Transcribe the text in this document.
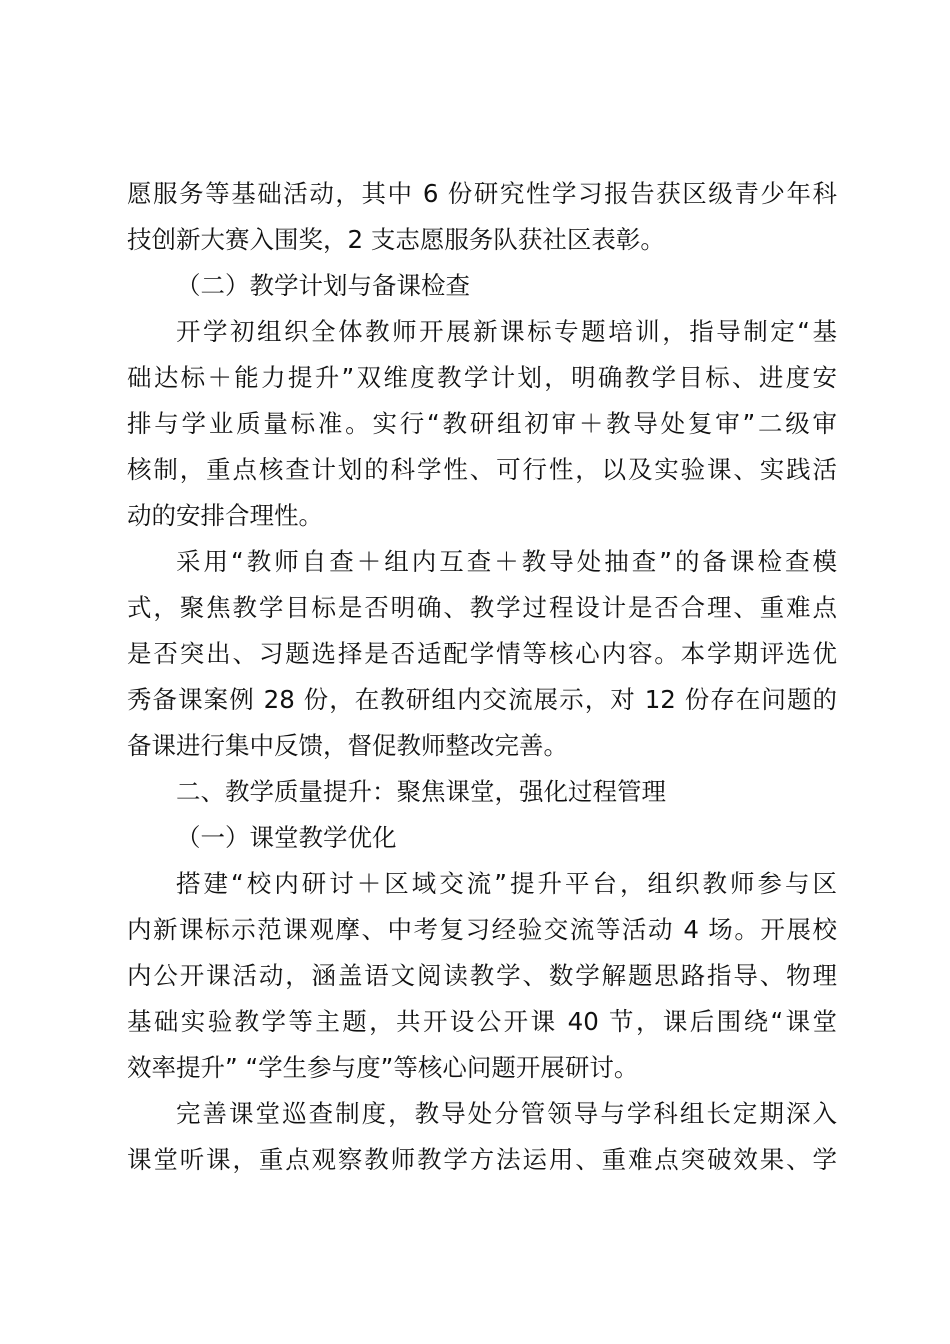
愿服务等基础活动，其中 6 份研究性学习报告获区级青少年科
技创新大赛入围奖，2 支志愿服务队获社区表彰。
（二）教学计划与备课检查
开学初组织全体教师开展新课标专题培训，指导制定“基
础达标＋能力提升”双维度教学计划，明确教学目标、进度安
排与学业质量标准。实行“教研组初审＋教导处复审”二级审
核制，重点核查计划的科学性、可行性，以及实验课、实践活
动的安排合理性。
采用“教师自查＋组内互查＋教导处抽查”的备课检查模
式，聚焦教学目标是否明确、教学过程设计是否合理、重难点
是否突出、习题选择是否适配学情等核心内容。本学期评选优
秀备课案例 28 份，在教研组内交流展示，对 12 份存在问题的
备课进行集中反馈，督促教师整改完善。
二、教学质量提升：聚焦课堂，强化过程管理
（一）课堂教学优化
搭建“校内研讨＋区域交流”提升平台，组织教师参与区
内新课标示范课观摩、中考复习经验交流等活动 4 场。开展校
内公开课活动，涵盖语文阅读教学、数学解题思路指导、物理
基础实验教学等主题，共开设公开课 40 节，课后围绕“课堂
效率提升” “学生参与度”等核心问题开展研讨。
完善课堂巡查制度，教导处分管领导与学科组长定期深入
课堂听课，重点观察教师教学方法运用、重难点突破效果、学
